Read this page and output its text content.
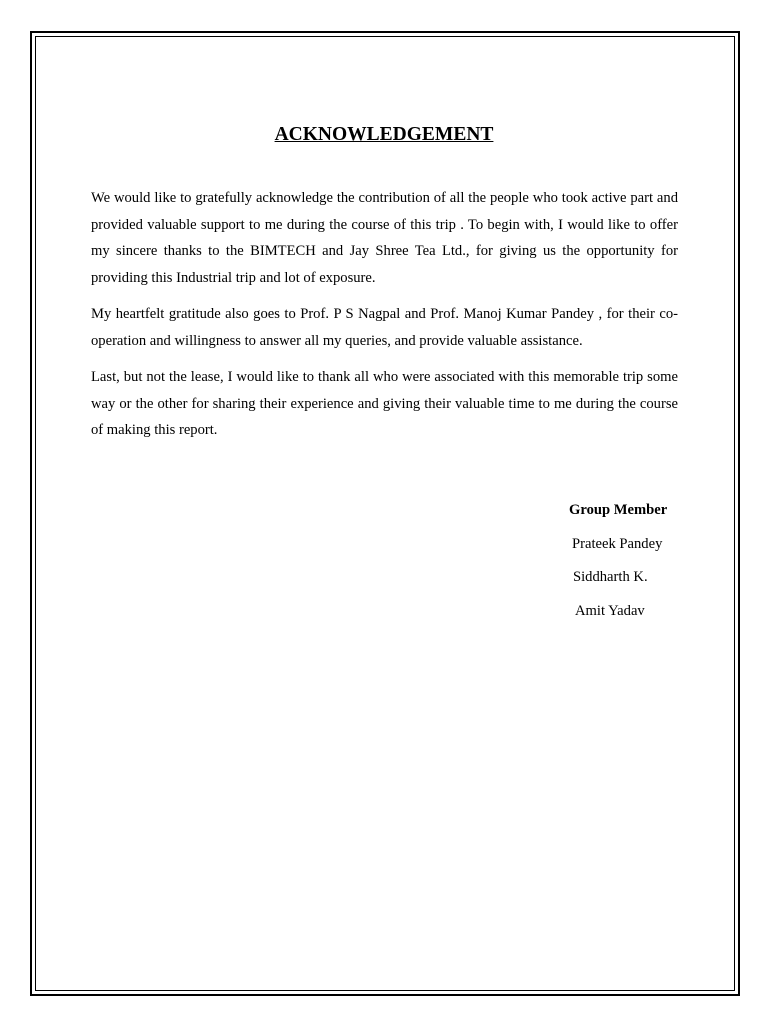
ACKNOWLEDGEMENT

We would like to gratefully acknowledge the contribution of all the people who took active part and provided valuable support to me during the course of this trip . To begin with, I would like to offer my sincere thanks to the BIMTECH and Jay Shree Tea Ltd., for giving us the opportunity for providing this Industrial trip and lot of exposure.

My heartfelt gratitude also goes to Prof. P S Nagpal and Prof. Manoj Kumar Pandey , for their co-operation and willingness to answer all my queries, and provide valuable assistance.

Last, but not the lease, I would like to thank all who were associated with this memorable trip some way or the other for sharing their experience and giving their valuable time to me during the course of making this report.

Group Member
Prateek Pandey
Siddharth K.
Amit Yadav
